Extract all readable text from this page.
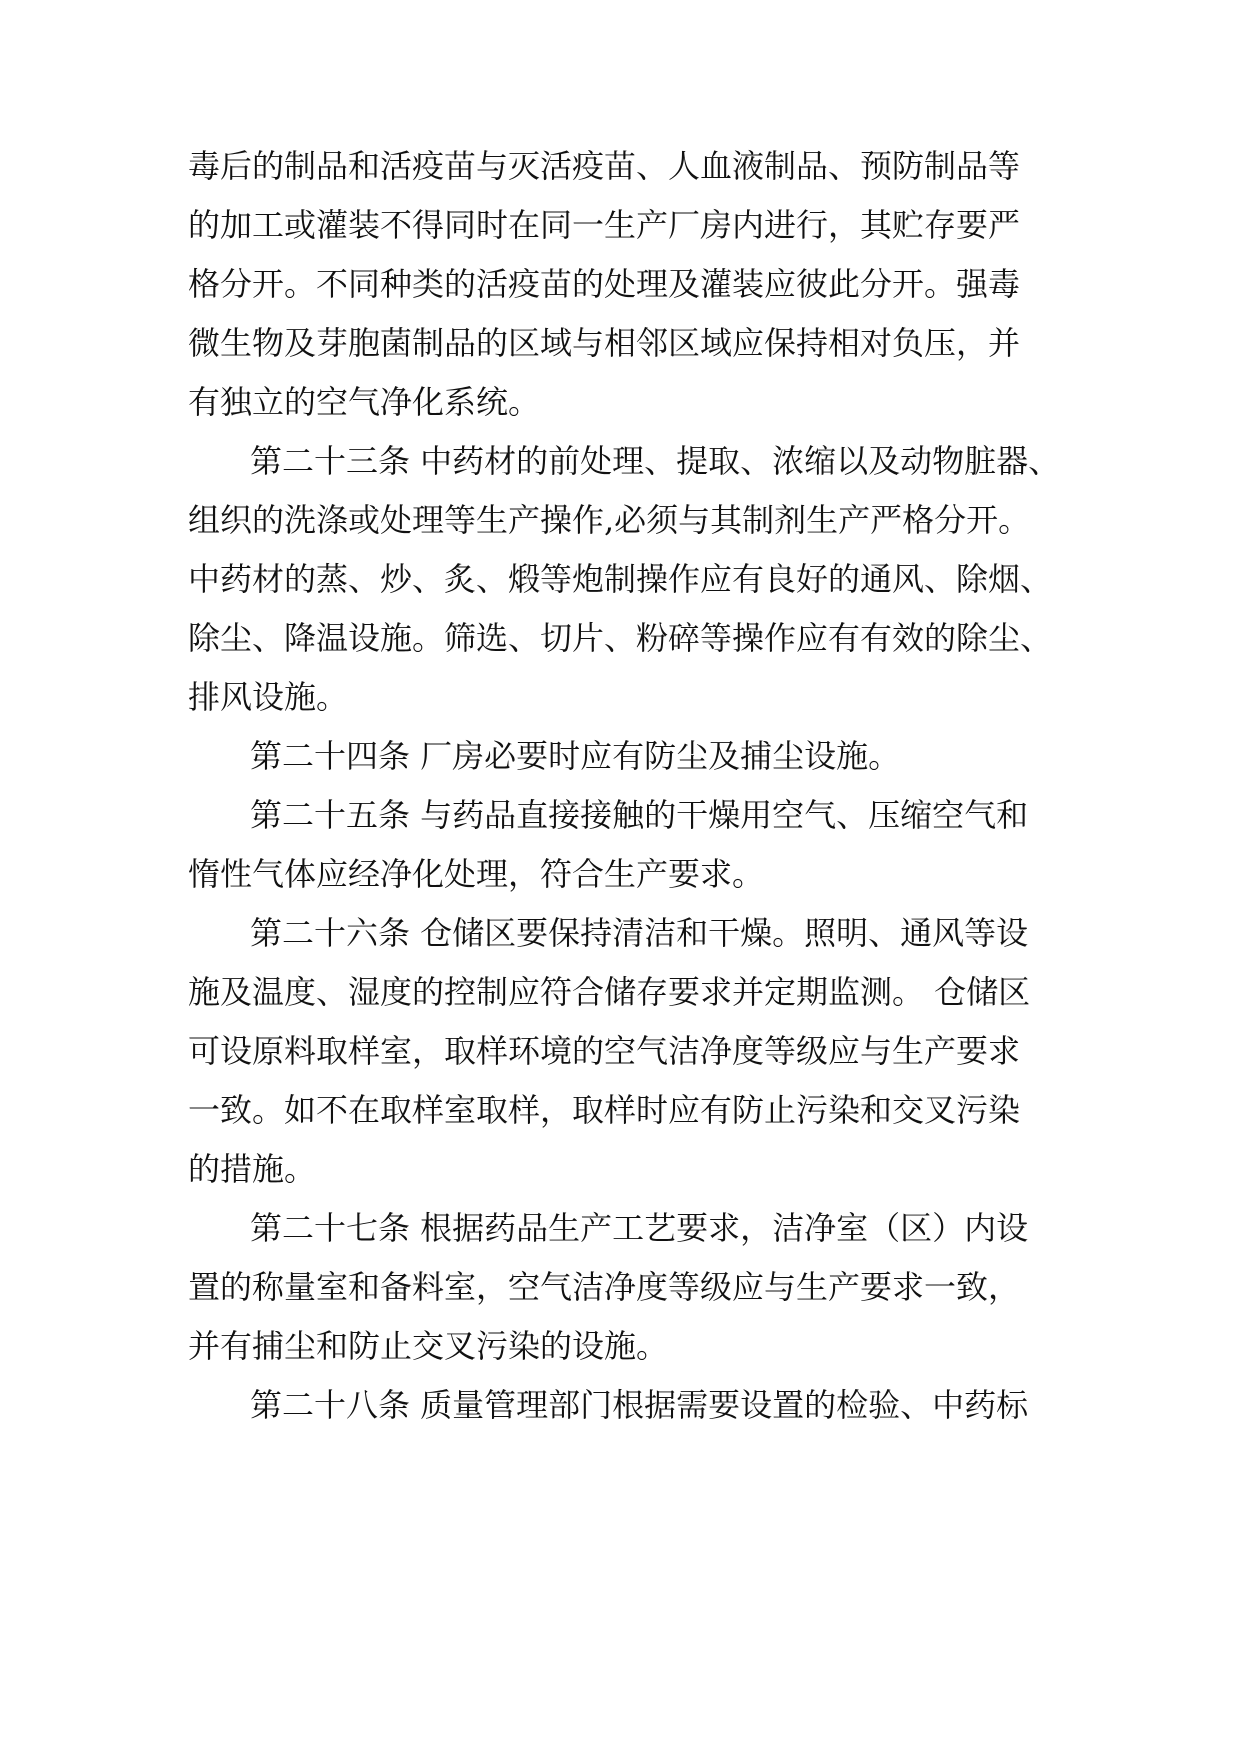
毒后的制品和活疫苗与灭活疫苗、人血液制品、预防制品等

的加工或灌装不得同时在同一生产厂房内进行，其贮存要严

格分开。不同种类的活疫苗的处理及灌装应彼此分开。强毒

微生物及芽胞菌制品的区域与相邻区域应保持相对负压，并

有独立的空气净化系统。

第二十三条 中药材的前处理、提取、浓缩以及动物脏器、

组织的洗涤或处理等生产操作,必须与其制剂生产严格分开。

中药材的蒸、炒、炙、煅等炮制操作应有良好的通风、除烟、

除尘、降温设施。筛选、切片、粉碎等操作应有有效的除尘、

排风设施。

第二十四条 厂房必要时应有防尘及捕尘设施。

第二十五条 与药品直接接触的干燥用空气、压缩空气和

惰性气体应经净化处理，符合生产要求。

第二十六条 仓储区要保持清洁和干燥。照明、通风等设

施及温度、湿度的控制应符合储存要求并定期监测。 仓储区

可设原料取样室，取样环境的空气洁净度等级应与生产要求

一致。如不在取样室取样，取样时应有防止污染和交叉污染

的措施。

第二十七条 根据药品生产工艺要求，洁净室（区）内设

置的称量室和备料室，空气洁净度等级应与生产要求一致，

并有捕尘和防止交叉污染的设施。

第二十八条 质量管理部门根据需要设置的检验、中药标
